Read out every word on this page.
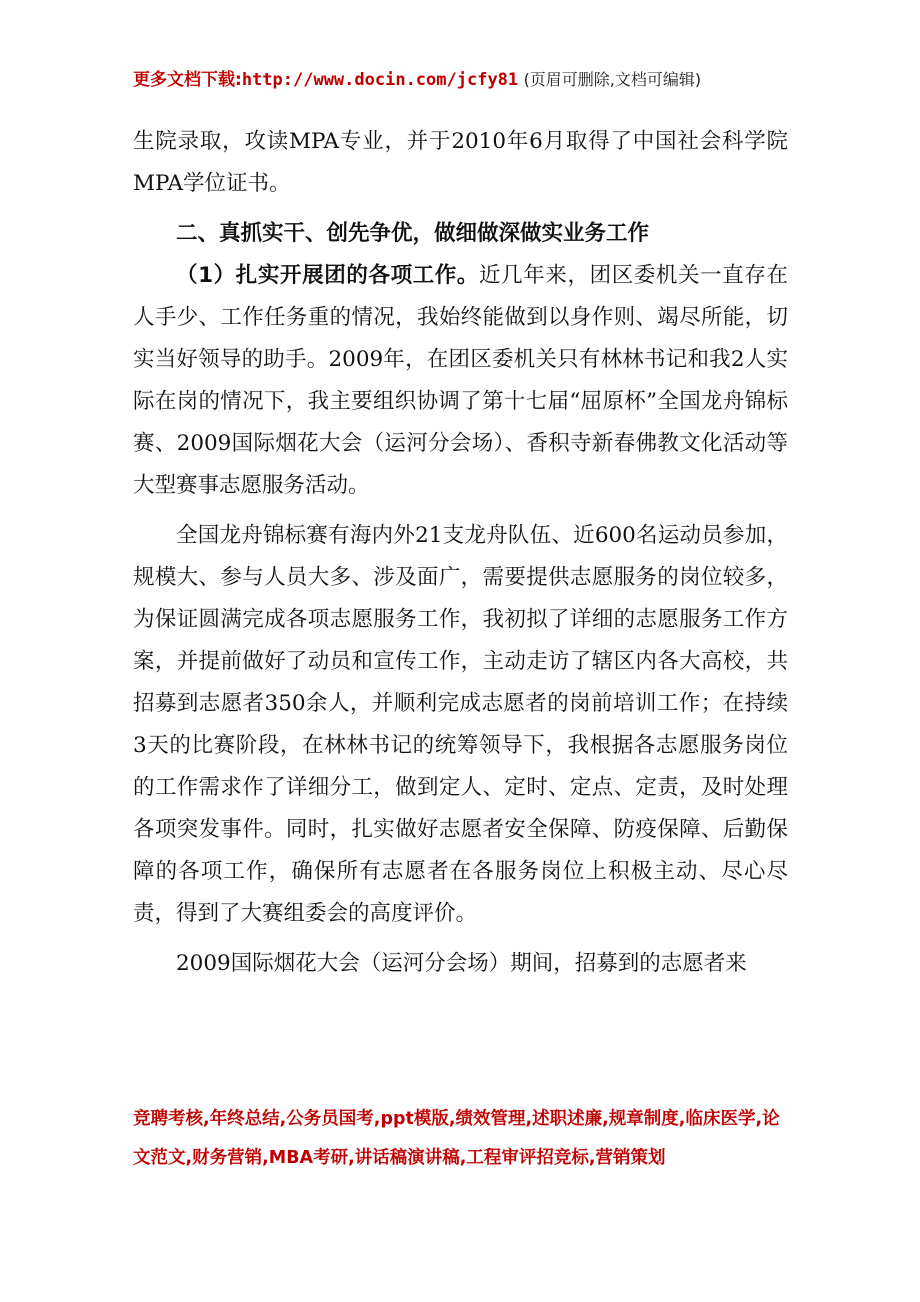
更多文档下载:http://www.docin.com/jcfy81 (页眉可删除,文档可编辑)

生院录取，攻读MPA专业，并于2010年6月取得了中国社会科学院MPA学位证书。

二、真抓实干、创先争优，做细做深做实业务工作

（1）扎实开展团的各项工作。近几年来，团区委机关一直存在人手少、工作任务重的情况，我始终能做到以身作则、竭尽所能，切实当好领导的助手。2009年，在团区委机关只有林林书记和我2人实际在岗的情况下，我主要组织协调了第十七届“屈原杯”全国龙舟锦标赛、2009国际烟花大会（运河分会场）、香积寺新春佛教文化活动等大型赛事志愿服务活动。

全国龙舟锦标赛有海内外21支龙舟队伍、近600名运动员参加，规模大、参与人员大多、涉及面广，需要提供志愿服务的岗位较多，为保证圆满完成各项志愿服务工作，我初拟了详细的志愿服务工作方案，并提前做好了动员和宣传工作，主动走访了辖区内各大高校，共招募到志愿者350余人，并顺利完成志愿者的岗前培训工作；在持续3天的比赛阶段，在林林书记的统筹领导下，我根据各志愿服务岗位的工作需求作了详细分工，做到定人、定时、定点、定责，及时处理各项突发事件。同时，扎实做好志愿者安全保障、防疫保障、后勤保障的各项工作，确保所有志愿者在各服务岗位上积极主动、尽心尽责，得到了大赛组委会的高度评价。

2009国际烟花大会（运河分会场）期间，招募到的志愿者来

竞聘考核,年终总结,公务员国考,ppt模版,绩效管理,述职述廉,规章制度,临床医学,论文范文,财务营销,MBA考研,讲话稿演讲稿,工程审评招竞标,营销策划
